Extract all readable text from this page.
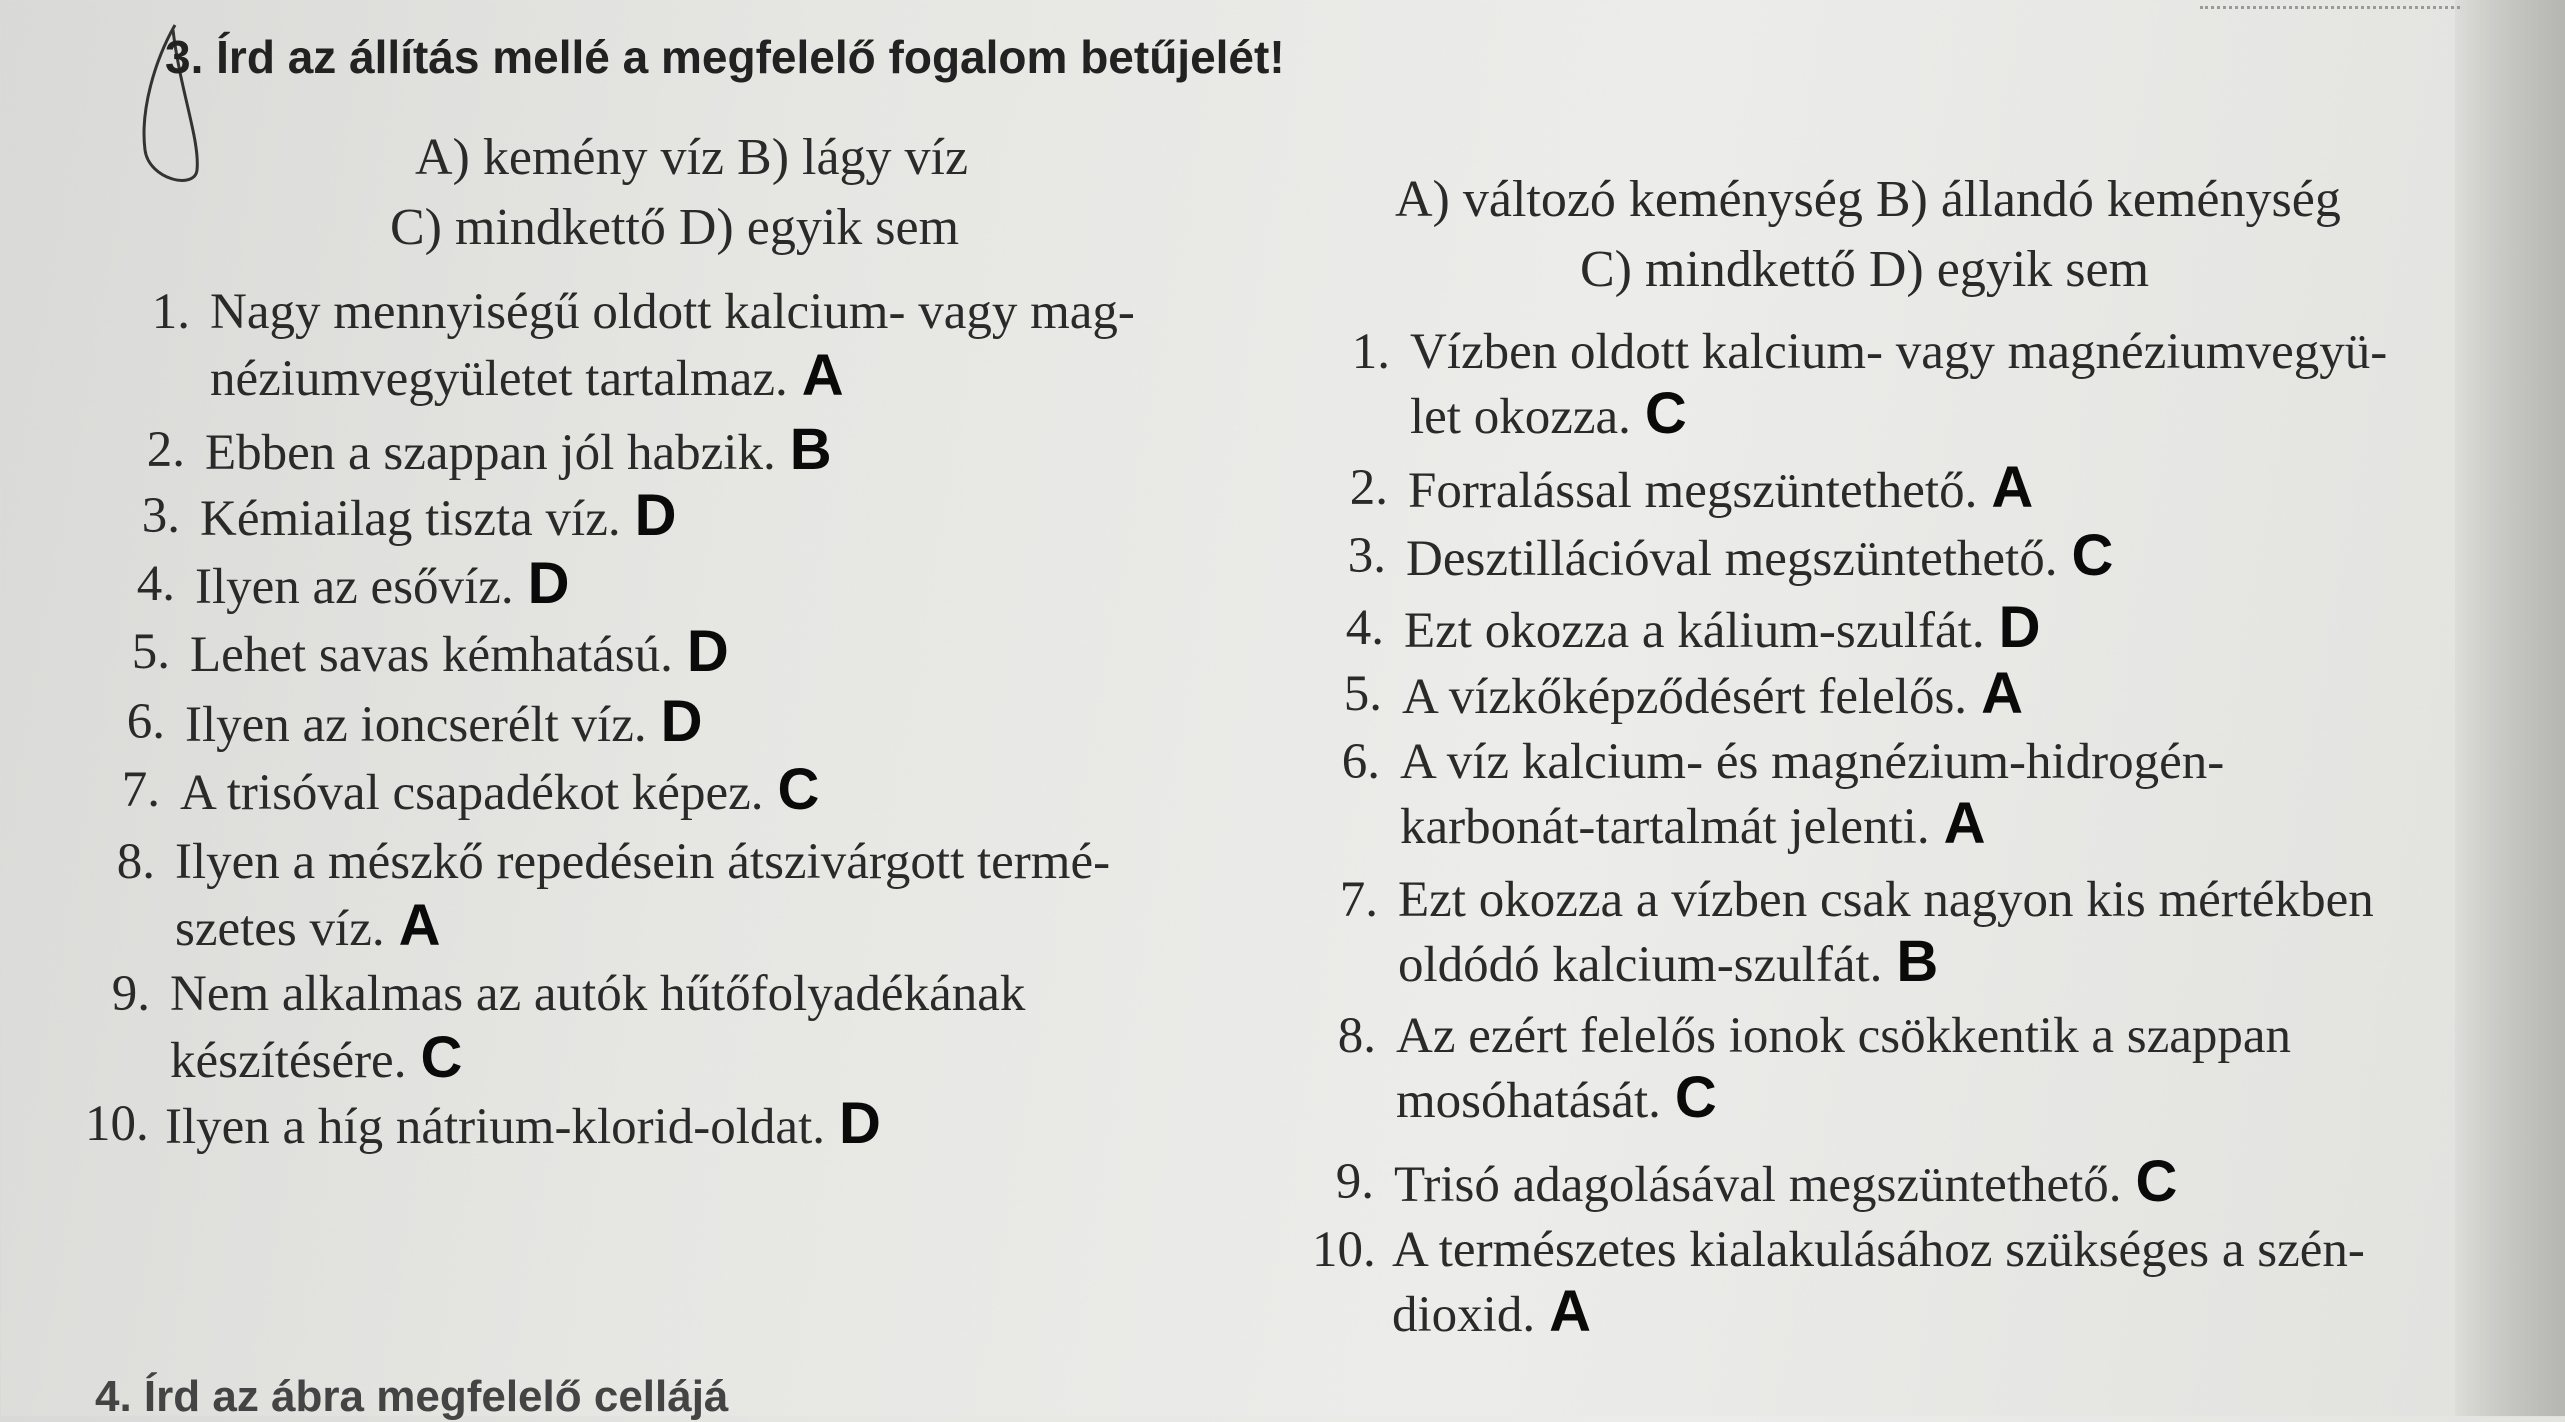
3. Írd az állítás mellé a megfelelő fogalom betűjelét!

A) kemény víz B) lágy víz

C) mindkettő D) egyik sem	A) változó keménység B) állandó keménység

C) mindkettő D) egyik sem

1. Nagy mennyiségű oldott kalcium- vagy mag-
néziumvegyületet tartalmaz. A
2. Ebben a szappan jól habzik. B
3. Kémiailag tiszta víz. D
4. Ilyen az esővíz. D
5. Lehet savas kémhatású. D
6. Ilyen az ioncserélt víz. D
7. A trisóval csapadékot képez. C
8. Ilyen a mészkő repedésein átszivárgott termé-
szetes víz. A
9. Nem alkalmas az autók hűtőfolyadékának
készítésére. C
10. Ilyen a híg nátrium-klorid-oldat. D
1. Vízben oldott kalcium- vagy magnéziumvegyü-
let okozza. C
2. Forralással megszüntethető. A
3. Desztillációval megszüntethető. C
4. Ezt okozza a kálium-szulfát. D
5. A vízkőképződésért felelős. A
6. A víz kalcium- és magnézium-hidrogén-
karbonát-tartalmát jelenti. A
7. Ezt okozza a vízben csak nagyon kis mértékben
oldódó kalcium-szulfát. B
8. Az ezért felelős ionok csökkentik a szappan
mosóhatását. C
9. Trisó adagolásával megszüntethető. C
10. A természetes kialakulásához szükséges a szén-
dioxid. A

4. Írd az ábra megfelelő cellájá
